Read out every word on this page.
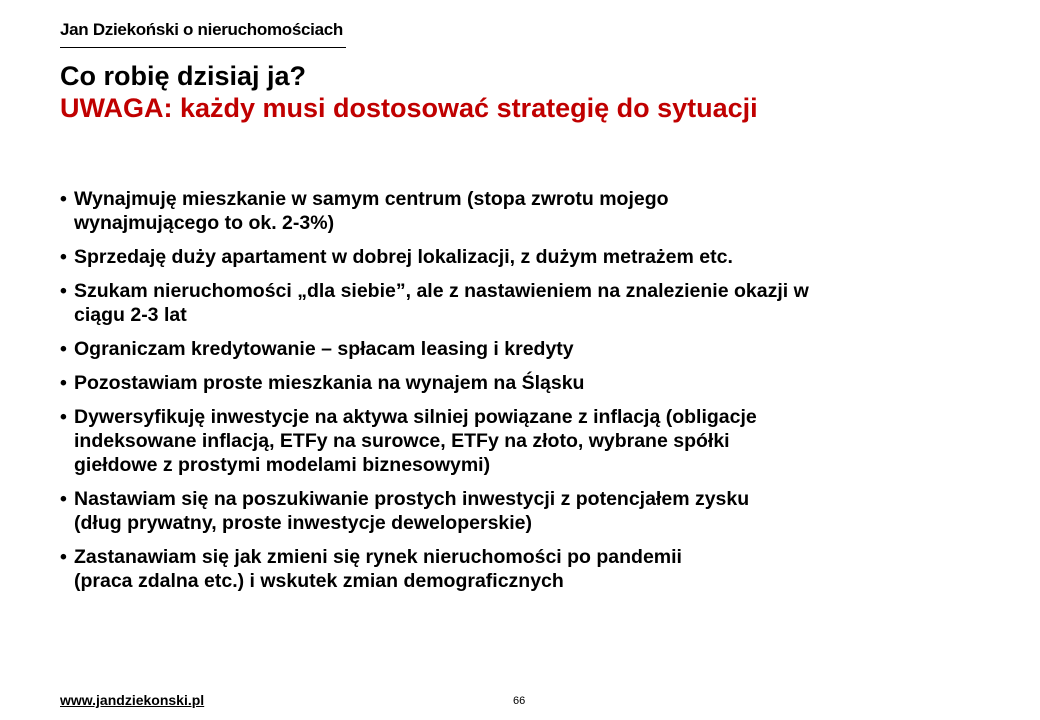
Jan Dziekoński o nieruchomościach
Co robię dzisiaj ja?
UWAGA: każdy musi dostosować strategię do sytuacji
• Wynajmuję mieszkanie w samym centrum (stopa zwrotu mojego
wynajmującego to ok. 2-3%)
• Sprzedaję duży apartament w dobrej lokalizacji, z dużym metrażem etc.
• Szukam nieruchomości „dla siebie”, ale z nastawieniem na znalezienie okazji w
ciągu 2-3 lat
• Ograniczam kredytowanie – spłacam leasing i kredyty
• Pozostawiam proste mieszkania na wynajem na Śląsku
• Dywersyfikuję inwestycje na aktywa silniej powiązane z inflacją (obligacje
indeksowane inflacją, ETFy na surowce, ETFy na złoto, wybrane spółki
giełdowe z prostymi modelami biznesowymi)
• Nastawiam się na poszukiwanie prostych inwestycji z potencjałem zysku
(dług prywatny, proste inwestycje deweloperskie)
• Zastanawiam się jak zmieni się rynek nieruchomości po pandemii
(praca zdalna etc.) i wskutek zmian demograficznych
www.jandziekonski.pl	66
